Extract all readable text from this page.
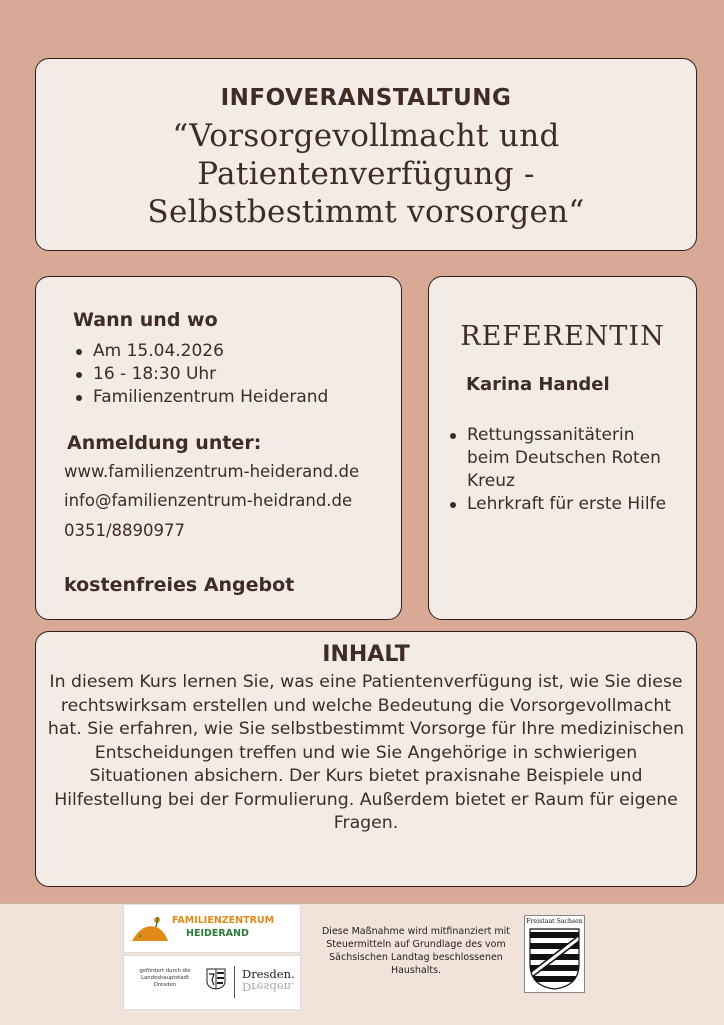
INFOVERANSTALTUNG
“Vorsorgevollmacht und
Patientenverfügung -
Selbstbestimmt vorsorgen“
Wann und wo
Am 15.04.2026
16 - 18:30 Uhr
Familienzentrum Heiderand
Anmeldung unter:
www.familienzentrum-heiderand.de
info@familienzentrum-heidrand.de
0351/8890977
kostenfreies Angebot
REFERENTIN
Karina Handel
Rettungssanitäterin beim Deutschen Roten Kreuz
Lehrkraft für erste Hilfe
INHALT
In diesem Kurs lernen Sie, was eine Patientenverfügung ist, wie Sie diese rechtswirksam erstellen und welche Bedeutung die Vorsorgevollmacht hat. Sie erfahren, wie Sie selbstbestimmt Vorsorge für Ihre medizinischen Entscheidungen treffen und wie Sie Angehörige in schwierigen Situationen absichern. Der Kurs bietet praxisnahe Beispiele und Hilfestellung bei der Formulierung. Außerdem bietet er Raum für eigene Fragen.
FAMILIENZENTRUM
HEIDERAND
gefördert durch die Landeshauptstadt Dresden
Dresden.
Dresden.
Diese Maßnahme wird mitfinanziert mit Steuermitteln auf Grundlage des vom Sächsischen Landtag beschlossenen Haushalts.
Freistaat Sachsen
